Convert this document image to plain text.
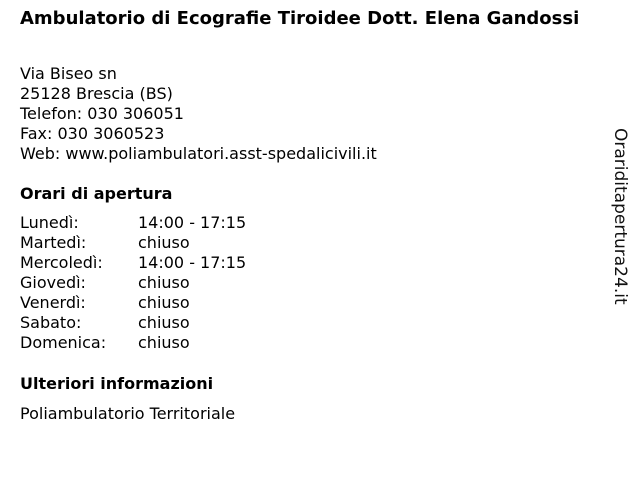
Ambulatorio di Ecografie Tiroidee Dott. Elena Gandossi
Via Biseo sn
25128 Brescia (BS)
Telefon: 030 306051
Fax: 030 3060523
Web: www.poliambulatori.asst-spedalicivili.it
Orari di apertura
Lunedì:	14:00 - 17:15
Martedì:	chiuso
Mercoledì:	14:00 - 17:15
Giovedì:	chiuso
Venerdì:	chiuso
Sabato:	chiuso
Domenica:	chiuso
Ulteriori informazioni
Poliambulatorio Territoriale
Orariditapertura24.it
